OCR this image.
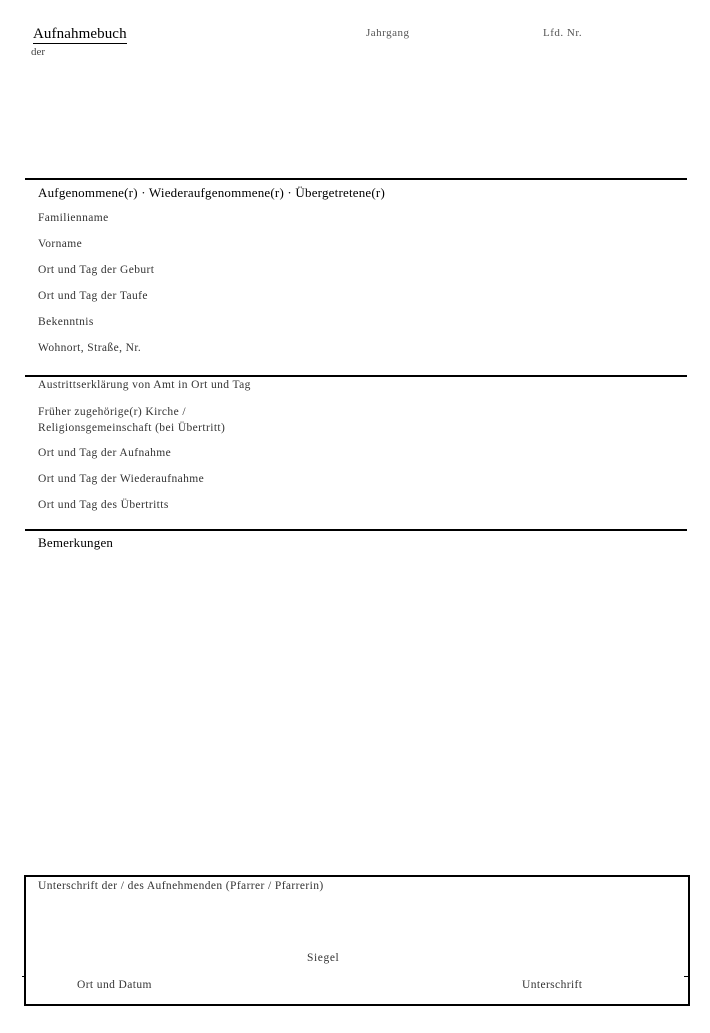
Aufnahmebuch
der
Jahrgang	Lfd. Nr.
Aufgenommene(r) · Wiederaufgenommene(r) · Übergetretene(r)
Familienname
Vorname
Ort und Tag der Geburt
Ort und Tag der Taufe
Bekenntnis
Wohnort, Straße, Nr.
Austrittserklärung von Amt in Ort und Tag
Früher zugehörige(r) Kirche / Religionsgemeinschaft (bei Übertritt)
Ort und Tag der Aufnahme
Ort und Tag der Wiederaufnahme
Ort und Tag des Übertritts
Bemerkungen
Unterschrift der / des Aufnehmenden (Pfarrer / Pfarrerin)
Siegel
Ort und Datum	Unterschrift
